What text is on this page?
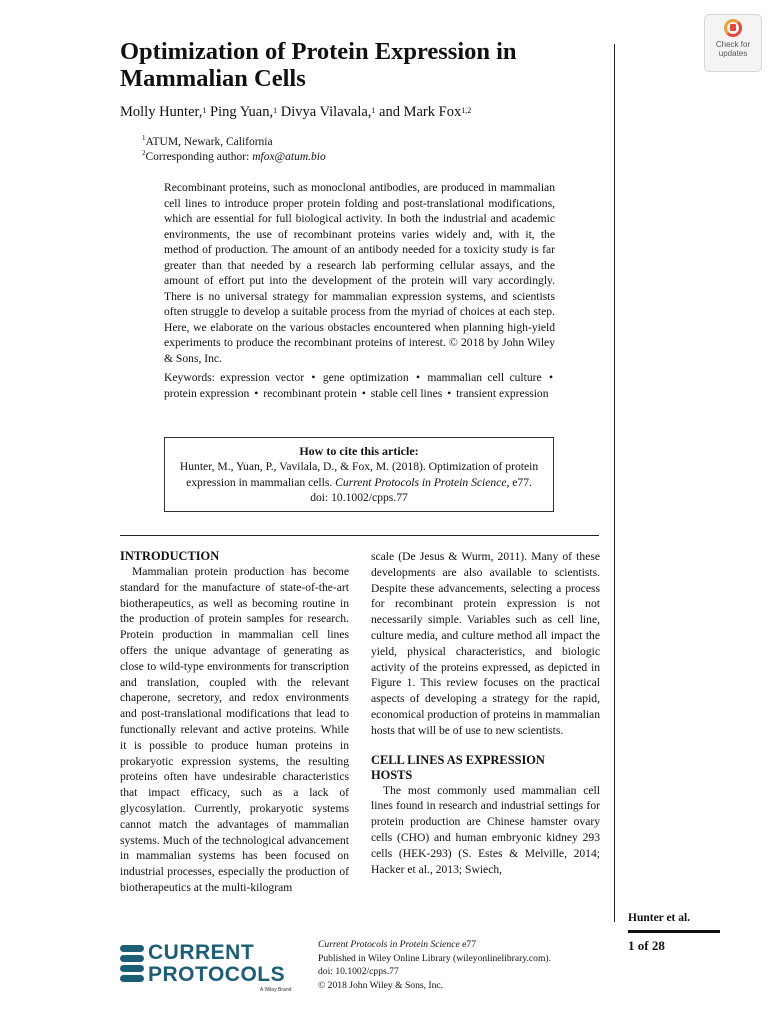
Optimization of Protein Expression in
Mammalian Cells
Check for
updates
Molly Hunter,$^1$ Ping Yuan,$^1$ Divya Vilavala,$^1$ and Mark Fox$^{1,2}$
$^1$ATUM, Newark, California
$^2$Corresponding author: mfox@atum.bio

Recombinant proteins, such as monoclonal antibodies, are produced in mammalian cell lines to introduce proper protein folding and post-translational modifications, which are essential for full biological activity. In both the industrial and academic environments, the use of recombinant proteins varies widely and, with it, the method of production. The amount of an antibody needed for a toxicity study is far greater than that needed by a research lab performing cellular assays, and the amount of effort put into the development of the protein will vary accordingly. There is no universal strategy for mammalian expression systems, and scientists often struggle to develop a suitable process from the myriad of choices at each step. Here, we elaborate on the various obstacles encountered when planning high-yield experiments to produce the recombinant proteins of interest. © 2018 by John Wiley & Sons, Inc.

Keywords: expression vector • gene optimization • mammalian cell culture • protein expression • recombinant protein • stable cell lines • transient expression

How to cite this article:
Hunter, M., Yuan, P., Vavilala, D., & Fox, M. (2018). Optimization of protein expression in mammalian cells. Current Protocols in Protein Science, e77. doi: 10.1002/cpps.77
INTRODUCTION

Mammalian protein production has become standard for the manufacture of state-of-the-art biotherapeutics, as well as becoming routine in the production of protein samples for research. Protein production in mammalian cell lines offers the unique advantage of generating as close to wild-type environments for transcription and translation, coupled with the relevant chaperone, secretory, and redox environments and post-translational modifications that lead to functionally relevant and active proteins. While it is possible to produce human proteins in prokaryotic expression systems, the resulting proteins often have undesirable characteristics that impact efficacy, such as a lack of glycosylation. Currently, prokaryotic systems cannot match the advantages of mammalian systems. Much of the technological advancement in mammalian systems has been focused on industrial processes, especially the production of biotherapeutics at the multi-kilogram

scale (De Jesus & Wurm, 2011). Many of these developments are also available to scientists. Despite these advancements, selecting a process for recombinant protein expression is not necessarily simple. Variables such as cell line, culture media, and culture method all impact the yield, physical characteristics, and biologic activity of the proteins expressed, as depicted in Figure 1. This review focuses on the practical aspects of developing a strategy for the rapid, economical production of proteins in mammalian hosts that will be of use to new scientists.

CELL LINES AS EXPRESSION
HOSTS

The most commonly used mammalian cell lines found in research and industrial settings for protein production are Chinese hamster ovary cells (CHO) and human embryonic kidney 293 cells (HEK-293) (S. Estes & Melville, 2014; Hacker et al., 2013; Swiech,

Hunter et al.
1 of 28
CURRENT
PROTOCOLS
A Wiley Brand
Current Protocols in Protein Science e77
Published in Wiley Online Library (wileyonlinelibrary.com).
doi: 10.1002/cpps.77
© 2018 John Wiley & Sons, Inc.
